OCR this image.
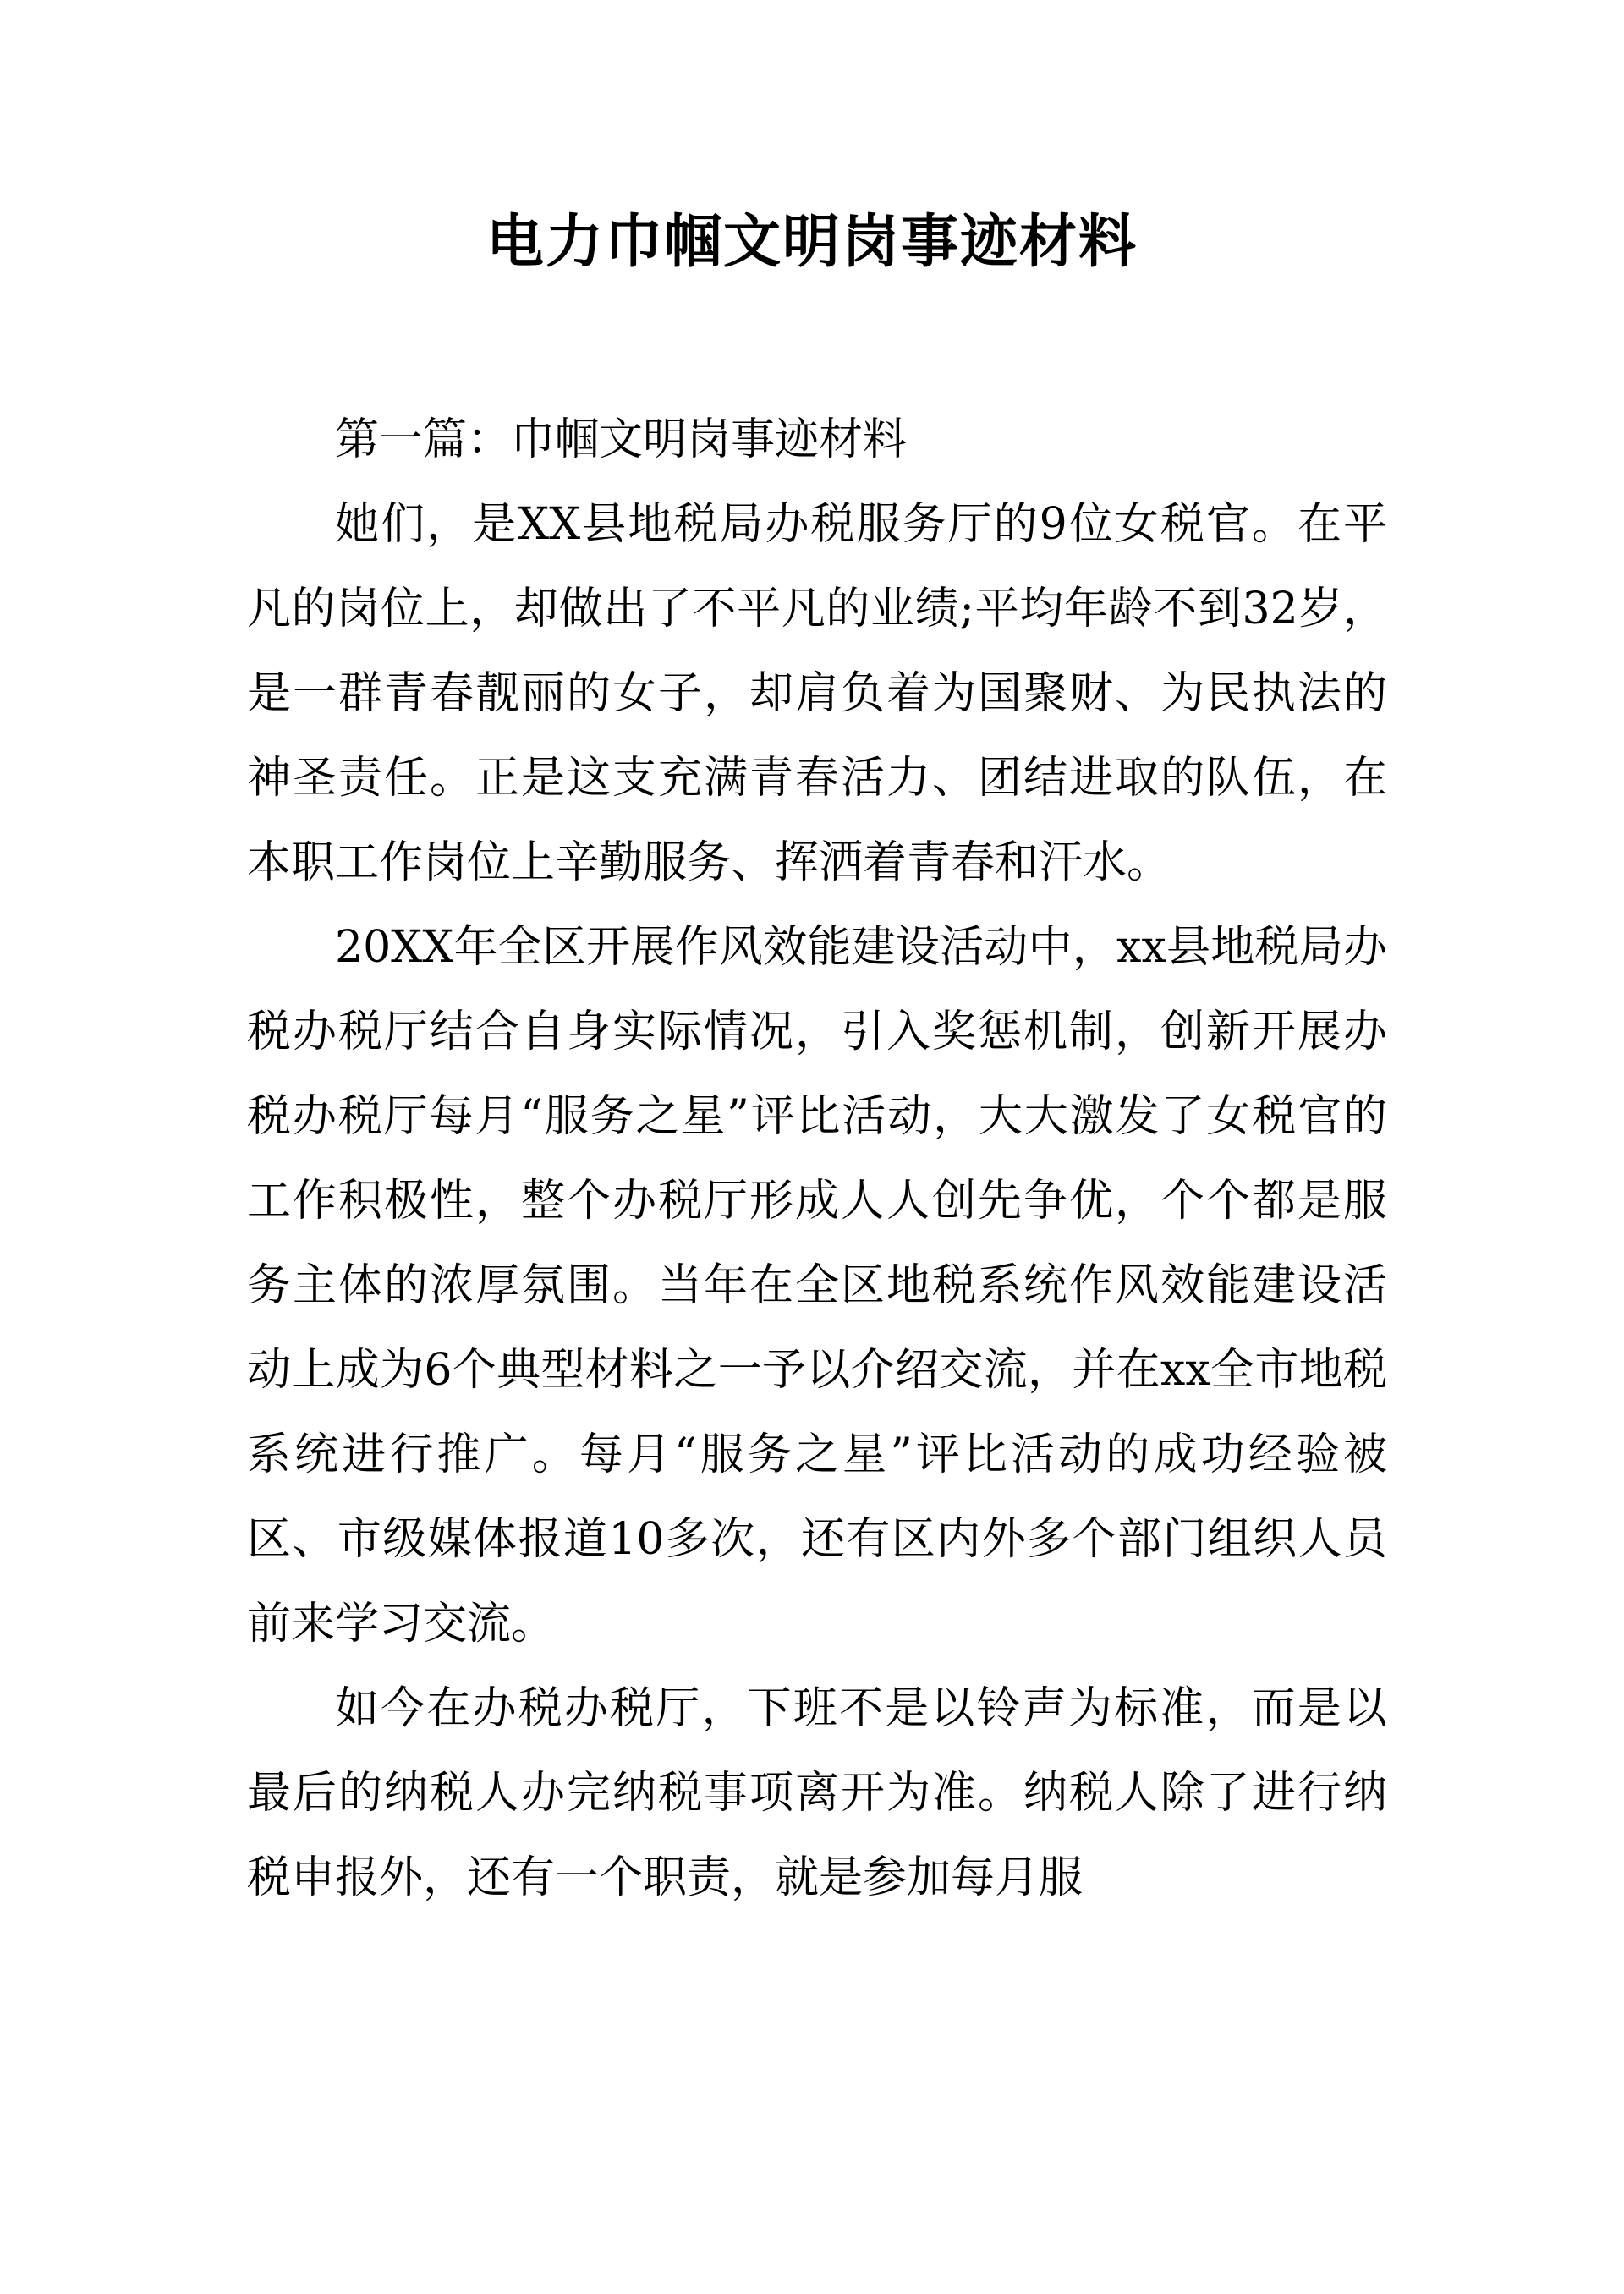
电力巾帼文明岗事迹材料

第一篇：巾帼文明岗事迹材料

她们，是XX县地税局办税服务厅的9位女税官。在平凡的岗位上，却做出了不平凡的业绩;平均年龄不到32岁，是一群青春靓丽的女子，却肩负着为国聚财、为民执法的神圣责任。正是这支充满青春活力、团结进取的队伍，在本职工作岗位上辛勤服务、挥洒着青春和汗水。

20XX年全区开展作风效能建设活动中，xx县地税局办税办税厅结合自身实际情况，引入奖惩机制，创新开展办税办税厅每月“服务之星”评比活动，大大激发了女税官的工作积极性，整个办税厅形成人人创先争优，个个都是服务主体的浓厚氛围。当年在全区地税系统作风效能建设活动上成为6个典型材料之一予以介绍交流，并在xx全市地税系统进行推广。每月“服务之星”评比活动的成功经验被区、市级媒体报道10多次，还有区内外多个部门组织人员前来学习交流。

如今在办税办税厅，下班不是以铃声为标准，而是以最后的纳税人办完纳税事项离开为准。纳税人除了进行纳税申报外，还有一个职责，就是参加每月服
